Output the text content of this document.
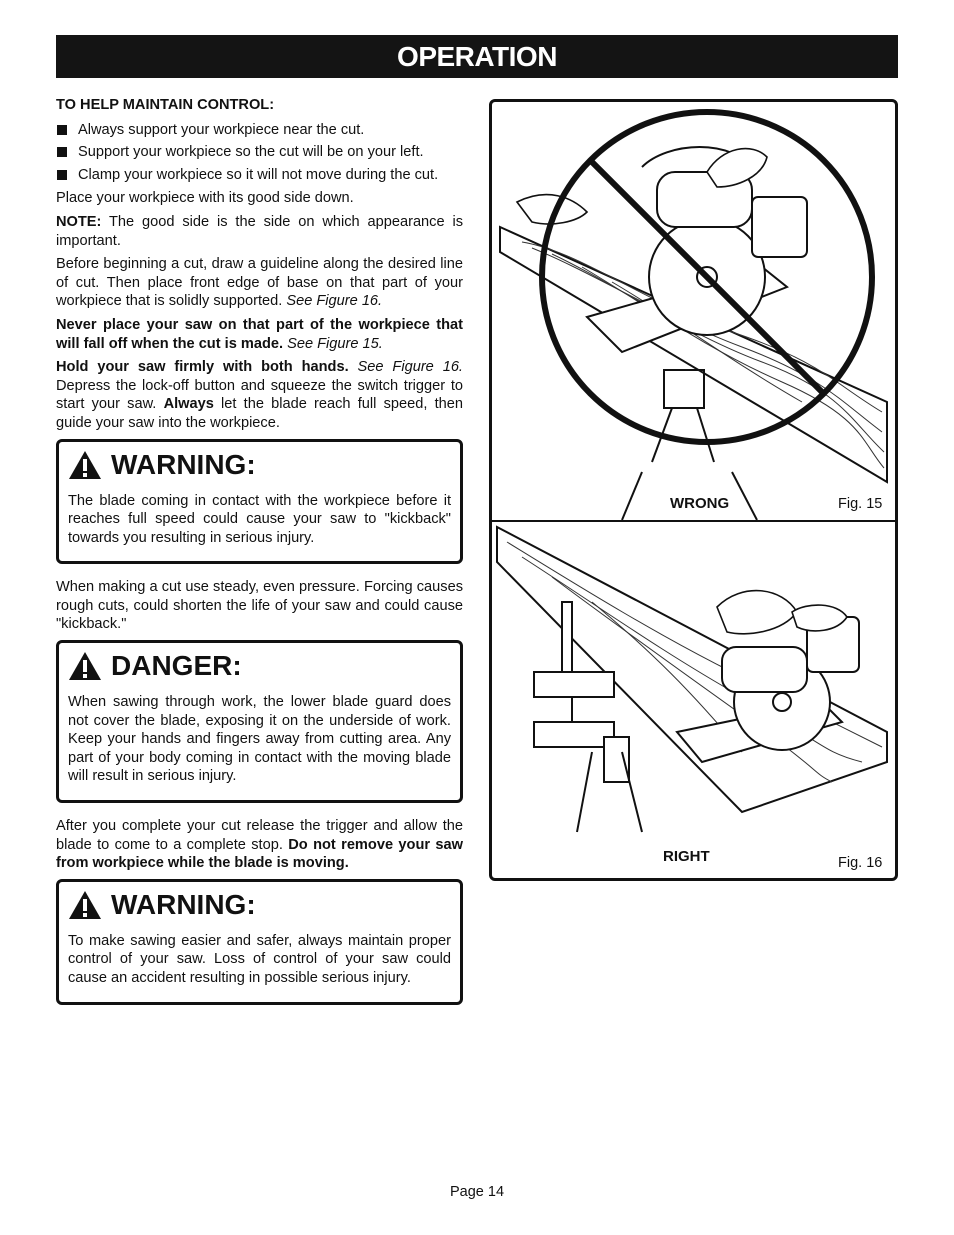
OPERATION
TO HELP MAINTAIN CONTROL:
Always support your workpiece near the cut.
Support your workpiece so the cut will be on your left.
Clamp your workpiece so it will not move during the cut.

Place your workpiece with its good side down.

NOTE: The good side is the side on which appearance is important.

Before beginning a cut, draw a guideline along the desired line of cut. Then place front edge of base on that part of your workpiece that is solidly supported. See Figure 16.

Never place your saw on that part of the workpiece that will fall off when the cut is made. See Figure 15.

Hold your saw firmly with both hands. See Figure 16. Depress the lock-off button and squeeze the switch trigger to start your saw. Always let the blade reach full speed, then guide your saw into the workpiece.

WARNING:

The blade coming in contact with the workpiece before it reaches full speed could cause your saw to "kickback" towards you resulting in serious injury.

When making a cut use steady, even pressure. Forcing causes rough cuts, could shorten the life of your saw and could cause "kickback."

DANGER:

When sawing through work, the lower blade guard does not cover the blade, exposing it on the underside of work. Keep your hands and fingers away from cutting area. Any part of your body coming in contact with the moving blade will result in serious injury.

After you complete your cut release the trigger and allow the blade to come to a complete stop. Do not remove your saw from workpiece while the blade is moving.

WARNING:

To make sawing easier and safer, always maintain proper control of your saw. Loss of control of your saw could cause an accident resulting in possible serious injury.

WRONG	Fig. 15
RIGHT	Fig. 16
Page 14
